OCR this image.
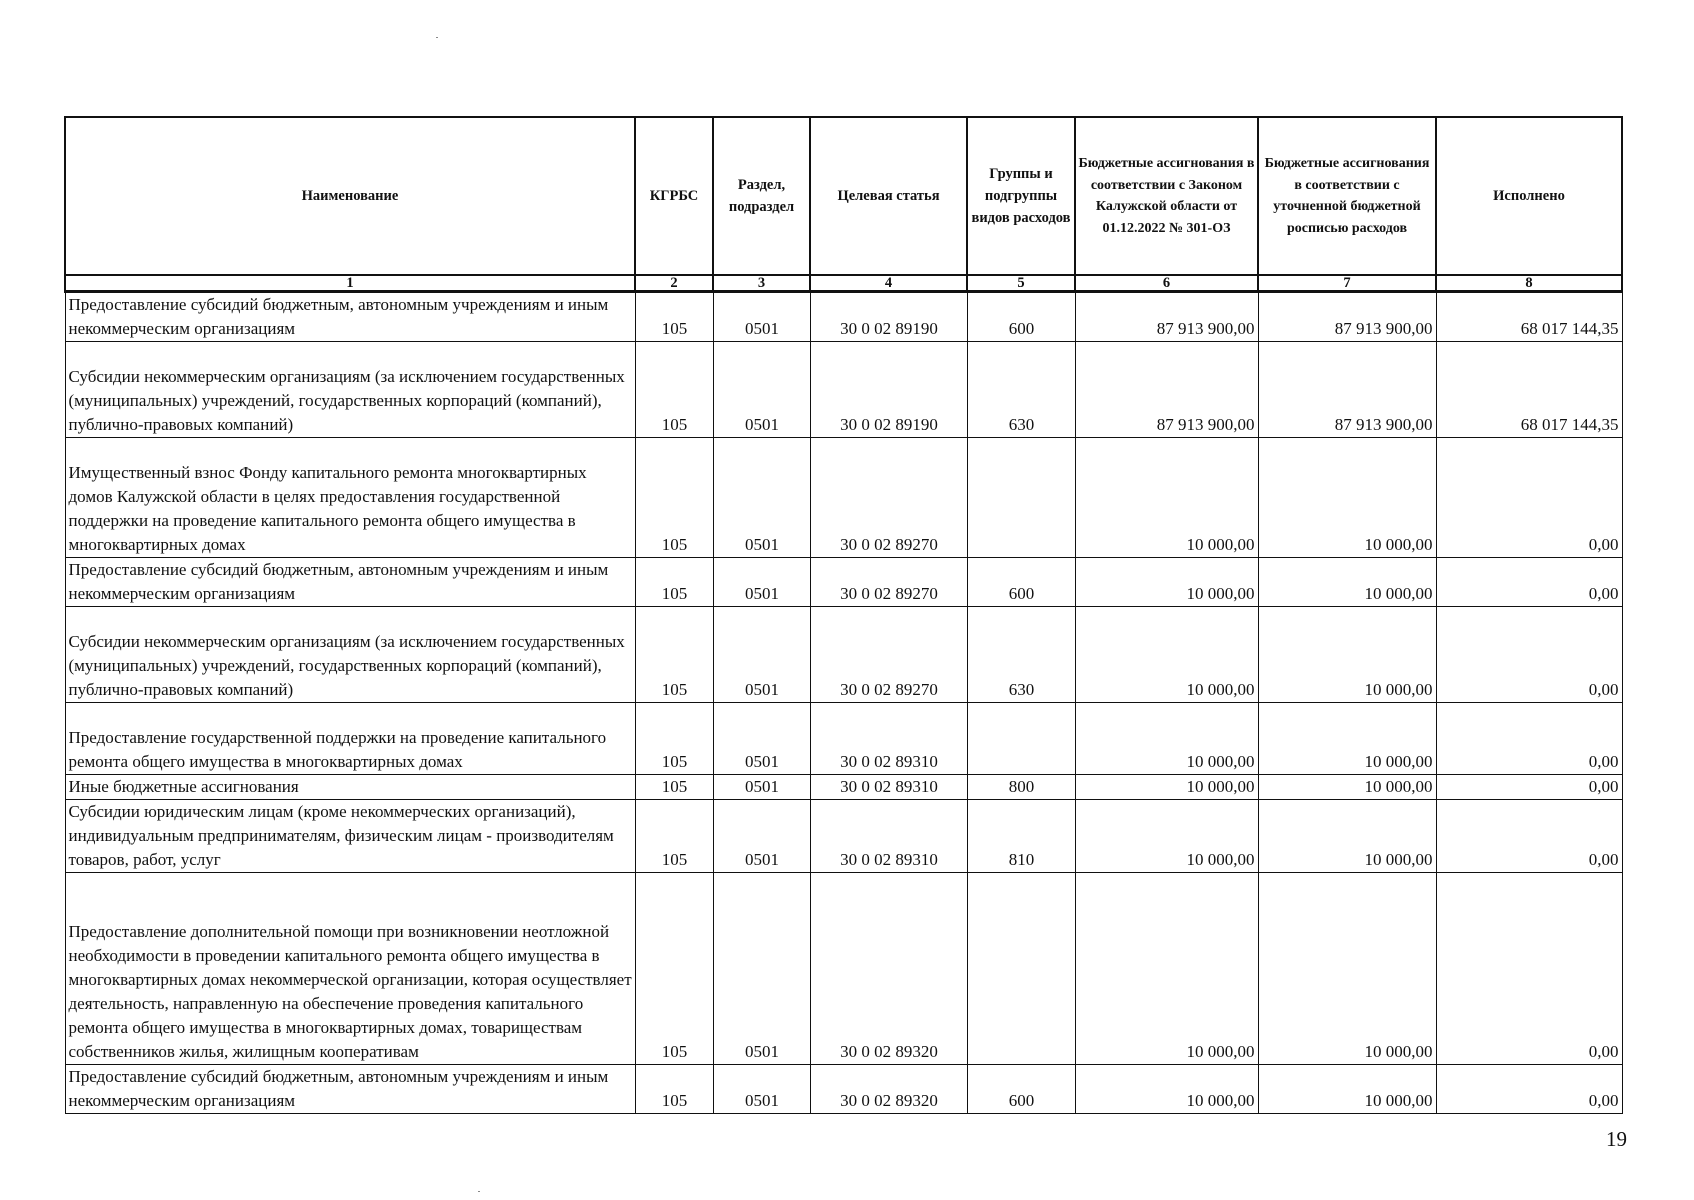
Наименование	КГРБС	Раздел, подраздел	Целевая статья	Группы и подгруппы видов расходов	Бюджетные ассигнования в соответствии с Законом Калужской области от 01.12.2022 № 301-ОЗ	Бюджетные ассигнования в соответствии с уточненной бюджетной росписью расходов	Исполнено
1	2	3	4	5	6	7	8
Предоставление субсидий бюджетным, автономным учреждениям и иным некоммерческим организациям	105	0501	30 0 02 89190	600	87 913 900,00	87 913 900,00	68 017 144,35
Субсидии некоммерческим организациям (за исключением государственных (муниципальных) учреждений, государственных корпораций (компаний), публично-правовых компаний)	105	0501	30 0 02 89190	630	87 913 900,00	87 913 900,00	68 017 144,35
Имущественный взнос Фонду капитального ремонта многоквартирных домов Калужской области в целях предоставления государственной поддержки на проведение капитального ремонта общего имущества в многоквартирных домах	105	0501	30 0 02 89270		10 000,00	10 000,00	0,00
Предоставление субсидий бюджетным, автономным учреждениям и иным некоммерческим организациям	105	0501	30 0 02 89270	600	10 000,00	10 000,00	0,00
Субсидии некоммерческим организациям (за исключением государственных (муниципальных) учреждений, государственных корпораций (компаний), публично-правовых компаний)	105	0501	30 0 02 89270	630	10 000,00	10 000,00	0,00
Предоставление государственной поддержки на проведение капитального ремонта общего имущества в многоквартирных домах	105	0501	30 0 02 89310		10 000,00	10 000,00	0,00
Иные бюджетные ассигнования	105	0501	30 0 02 89310	800	10 000,00	10 000,00	0,00
Субсидии юридическим лицам (кроме некоммерческих организаций), индивидуальным предпринимателям, физическим лицам - производителям товаров, работ, услуг	105	0501	30 0 02 89310	810	10 000,00	10 000,00	0,00
Предоставление дополнительной помощи при возникновении неотложной необходимости в проведении капитального ремонта общего имущества в многоквартирных домах некоммерческой организации, которая осуществляет деятельность, направленную на обеспечение проведения капитального ремонта общего имущества в многоквартирных домах, товариществам собственников жилья, жилищным кооперативам	105	0501	30 0 02 89320		10 000,00	10 000,00	0,00
Предоставление субсидий бюджетным, автономным учреждениям и иным некоммерческим организациям	105	0501	30 0 02 89320	600	10 000,00	10 000,00	0,00
19
